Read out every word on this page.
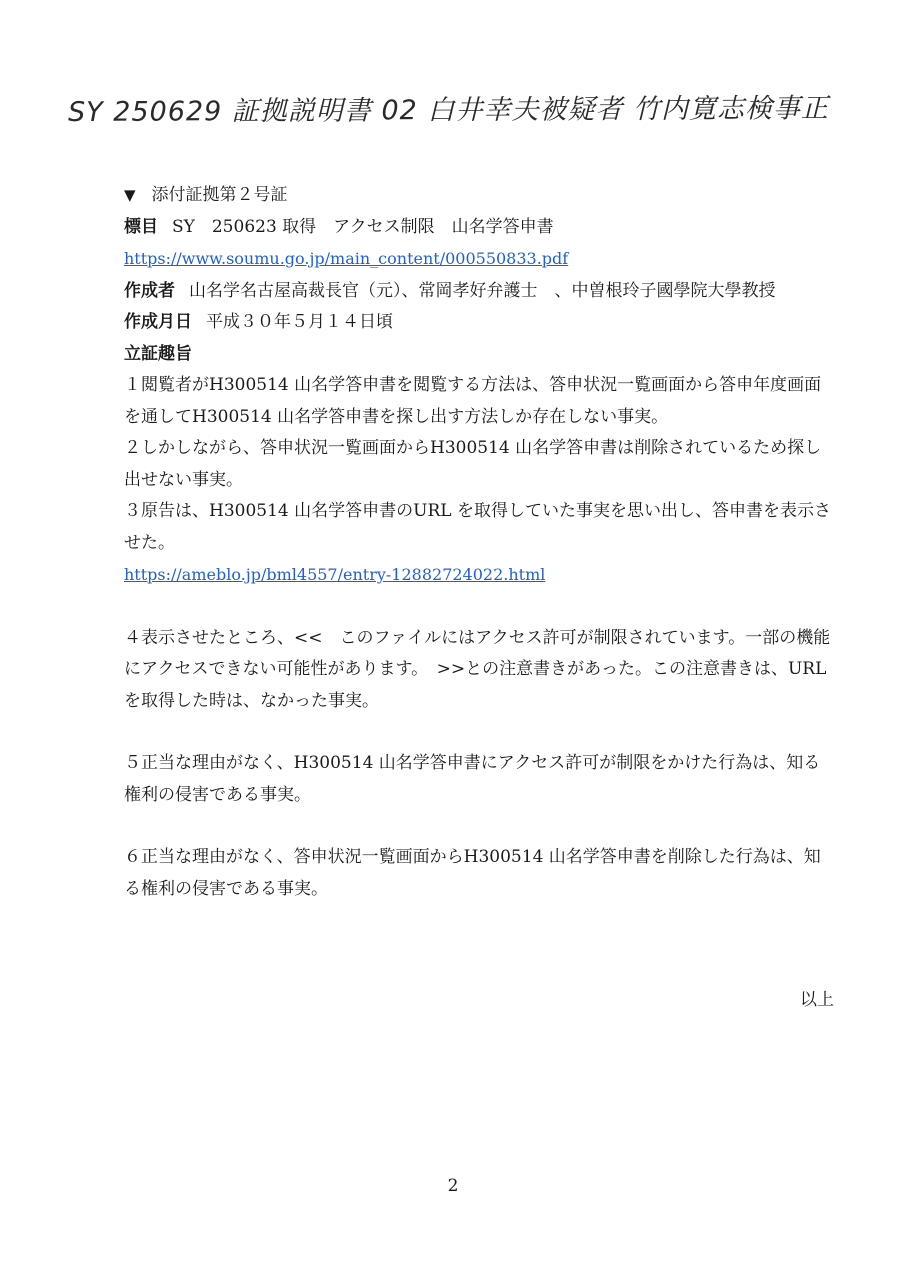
SY 250629 証拠説明書 02 白井幸夫被疑者 竹内寛志検事正
▼ 添付証拠第２号証
標目 SY　250623 取得　アクセス制限　山名学答申書
https://www.soumu.go.jp/main_content/000550833.pdf
作成者 山名学名古屋高裁長官（元）、常岡孝好弁護士　、中曽根玲子國學院大學教授
作成月日 平成３０年５月１４日頃
立証趣旨
１閲覧者がH300514 山名学答申書を閲覧する方法は、答申状況一覧画面から答申年度画面を通してH300514 山名学答申書を探し出す方法しか存在しない事実。
２しかしながら、答申状況一覧画面からH300514 山名学答申書は削除されているため探し出せない事実。
３原告は、H300514 山名学答申書のURL を取得していた事実を思い出し、答申書を表示させた。
https://ameblo.jp/bml4557/entry-12882724022.html
４表示させたところ、<<　このファイルにはアクセス許可が制限されています。一部の機能にアクセスできない可能性があります。　>>との注意書きがあった。この注意書きは、URL を取得した時は、なかった事実。
５正当な理由がなく、H300514 山名学答申書にアクセス許可が制限をかけた行為は、知る権利の侵害である事実。
６正当な理由がなく、答申状況一覧画面からH300514 山名学答申書を削除した行為は、知る権利の侵害である事実。
以上
2
